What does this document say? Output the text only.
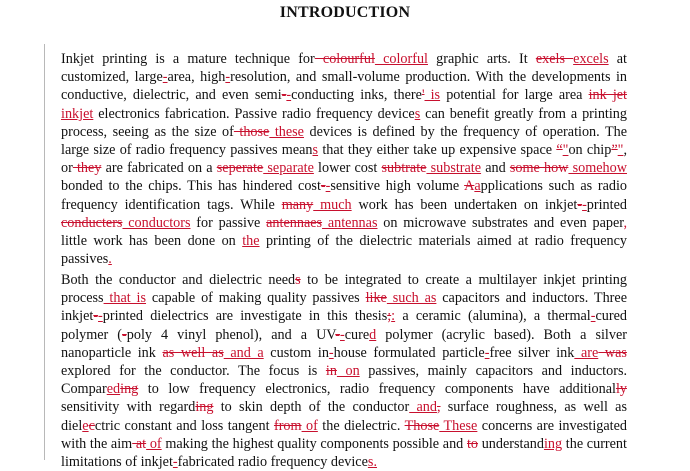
INTRODUCTION

Inkjet printing is a mature technique for colourful colorful graphic arts. It exels excels at customized, large-area, high-resolution, and small-volume production. With the developments in conductive, dielectric, and even semi--conducting inks, there' is potential for large area ink jet inkjet electronics fabrication. Passive radio frequency devices can benefit greatly from a printing process, seeing as the size of those these devices is defined by the frequency of operation. The large size of radio frequency passives means that they either take up expensive space “"on chip”", or they are fabricated on a seperate separate lower cost subtrate substrate and some how somehow bonded to the chips. This has hindered cost--sensitive high volume Aapplications such as radio frequency identification tags. While many much work has been undertaken on inkjet--printed conducters conductors for passive antennaes antennas on microwave substrates and even paper, little work has been done on the printing of the dielectric materials aimed at radio frequency passives.

Both the conductor and dielectric needs to be integrated to create a multilayer inkjet printing process that is capable of making quality passives like such as capacitors and inductors. Three inkjet--printed dielectrics are investigate in this thesis;: a ceramic (alumina), a thermal-cured polymer (-poly 4 vinyl phenol), and a UV--cured polymer (acrylic based). Both a silver nanoparticle ink as well as and a custom in-house formulated particle-free silver ink are was explored for the conductor. The focus is in on passives, mainly capacitors and inductors. Compareding to low frequency electronics, radio frequency components have additionally sensitivity with regarding to skin depth of the conductor and, surface roughness, as well as dielecctric constant and loss tangent from of the dielectric. Those These concerns are investigated with the aim at of making the highest quality components possible and to understanding the current limitations of inkjet-fabricated radio frequency devices.
